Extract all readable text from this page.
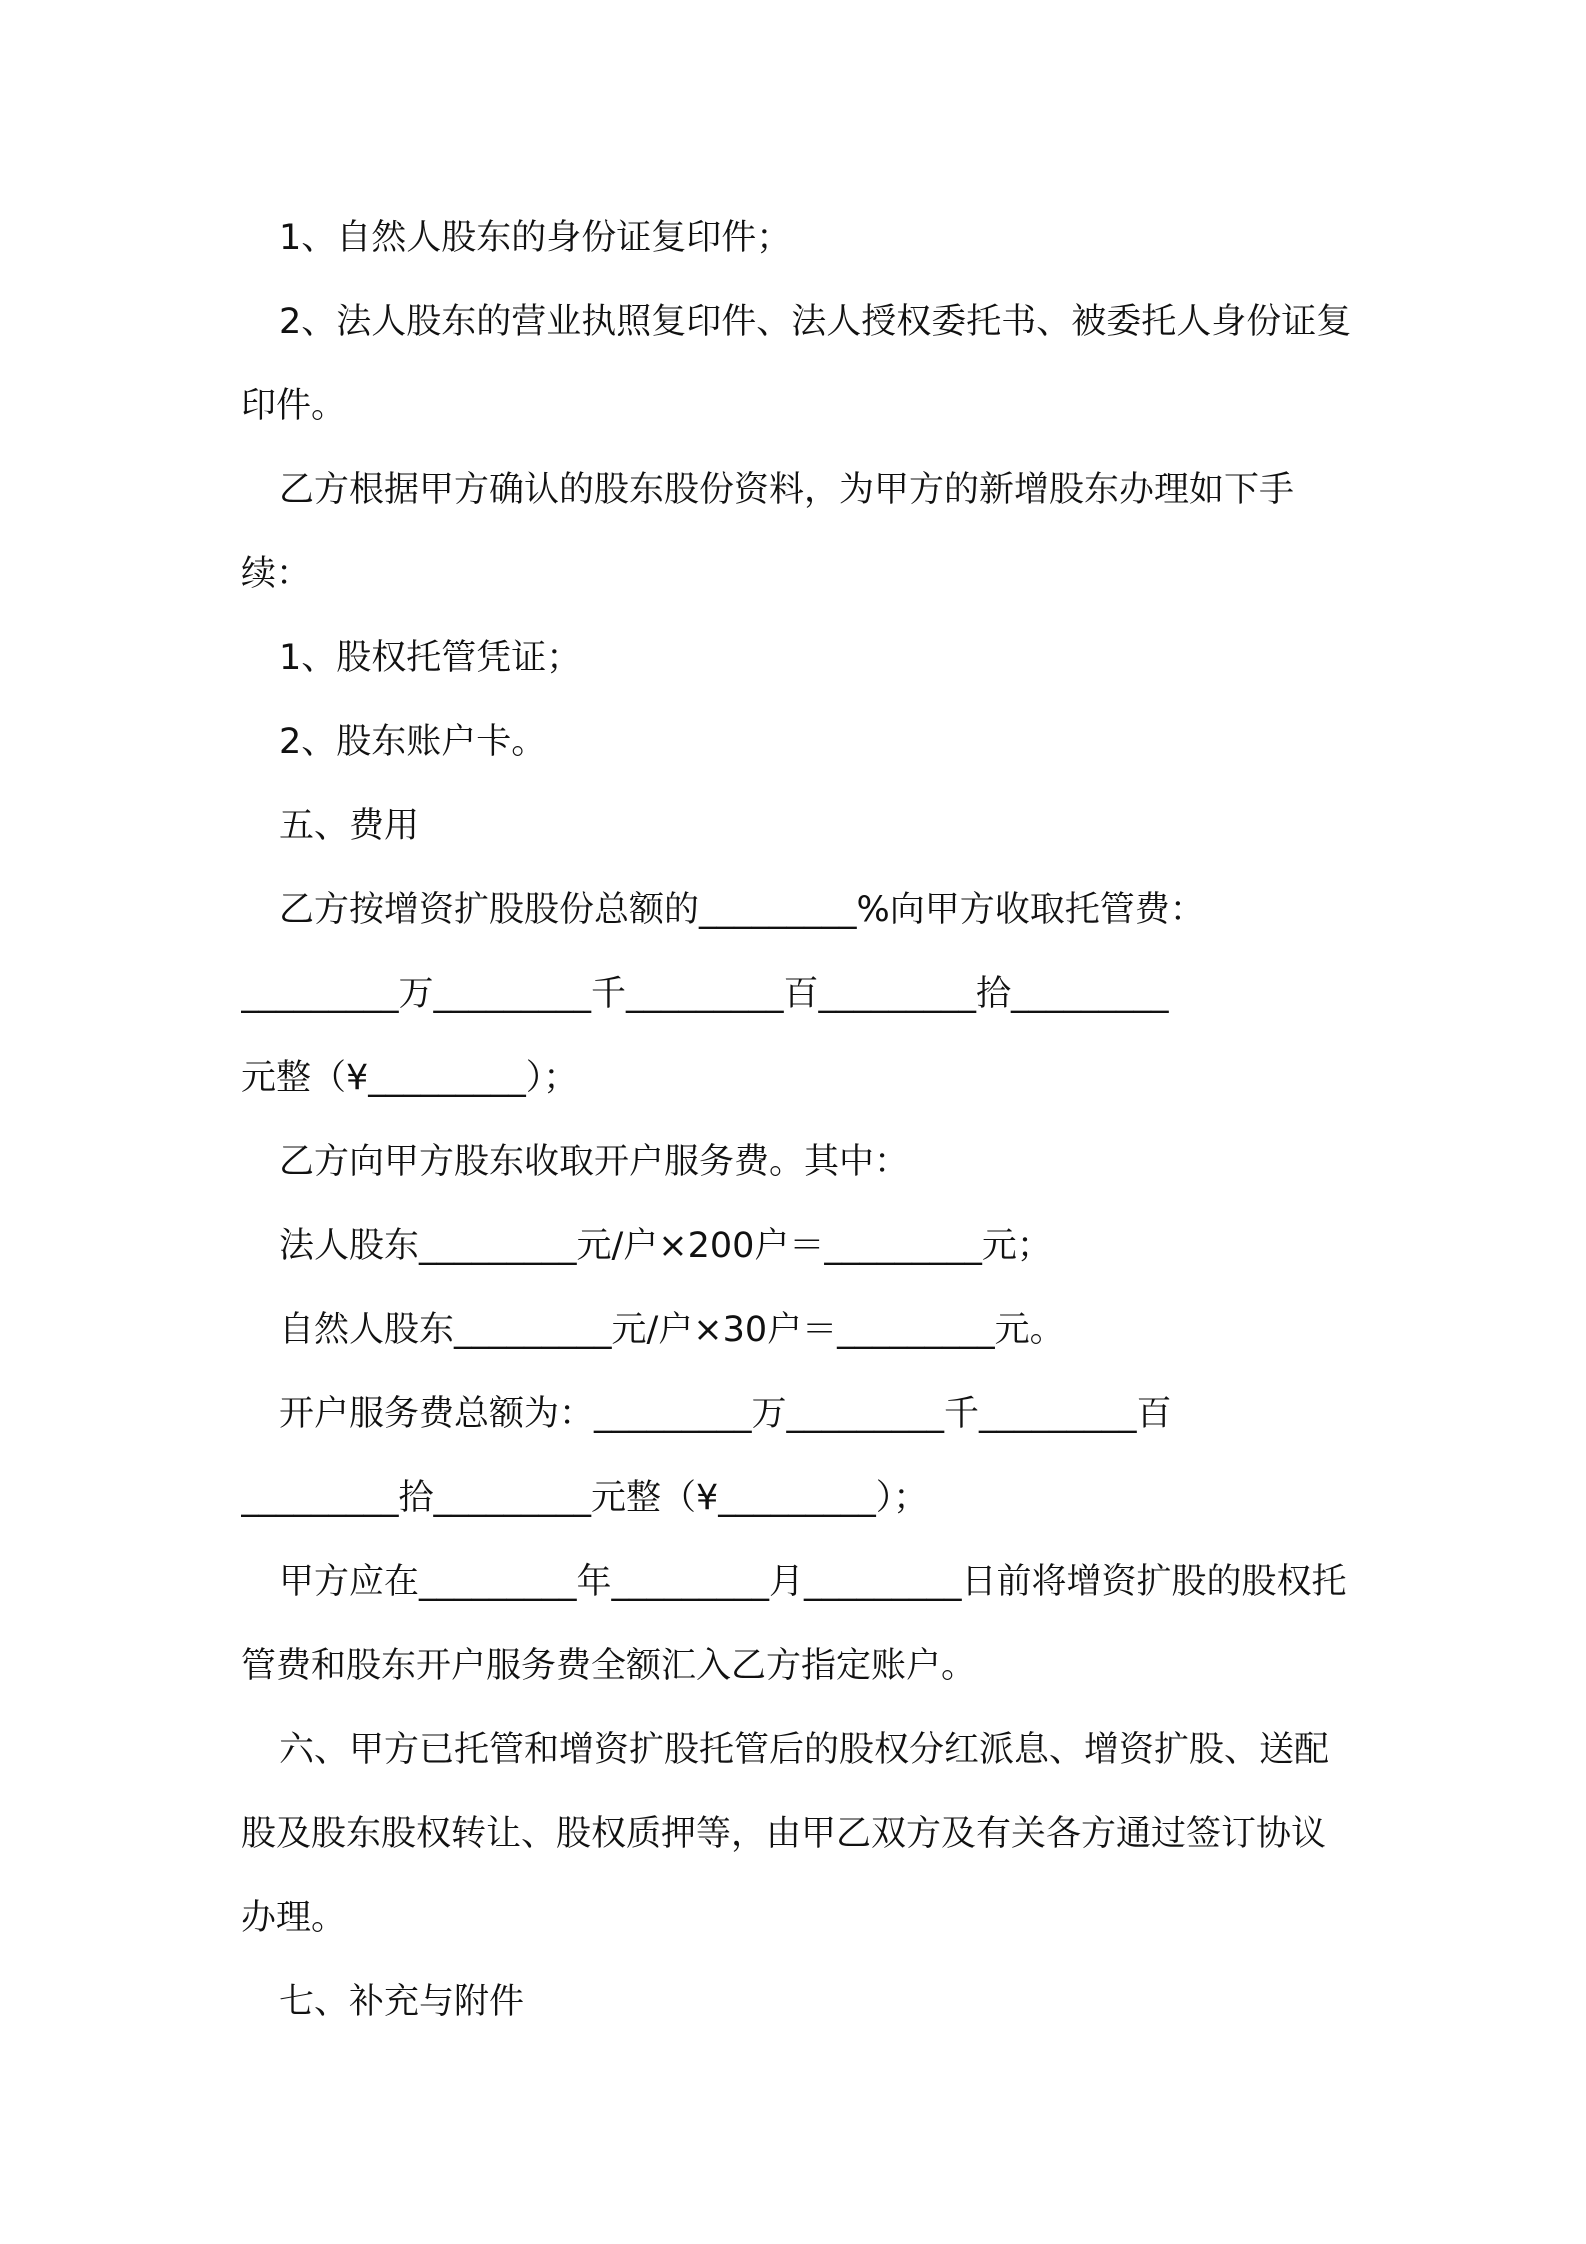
1、自然人股东的身份证复印件；

2、法人股东的营业执照复印件、法人授权委托书、被委托人身份证复印件。

乙方根据甲方确认的股东股份资料，为甲方的新增股东办理如下手续：

1、股权托管凭证；

2、股东账户卡。

五、费用

乙方按增资扩股股份总额的_________%向甲方收取托管费：

_________万_________千_________百_________拾_________

元整（¥_________）；

乙方向甲方股东收取开户服务费。其中：

法人股东_________元/户×200户＝_________元；

自然人股东_________元/户×30户＝_________元。

开户服务费总额为：_________万_________千_________百

_________拾_________元整（¥_________）；

甲方应在_________年_________月_________日前将增资扩股的股权托管费和股东开户服务费全额汇入乙方指定账户。

六、甲方已托管和增资扩股托管后的股权分红派息、增资扩股、送配股及股东股权转让、股权质押等，由甲乙双方及有关各方通过签订协议办理。

七、补充与附件
